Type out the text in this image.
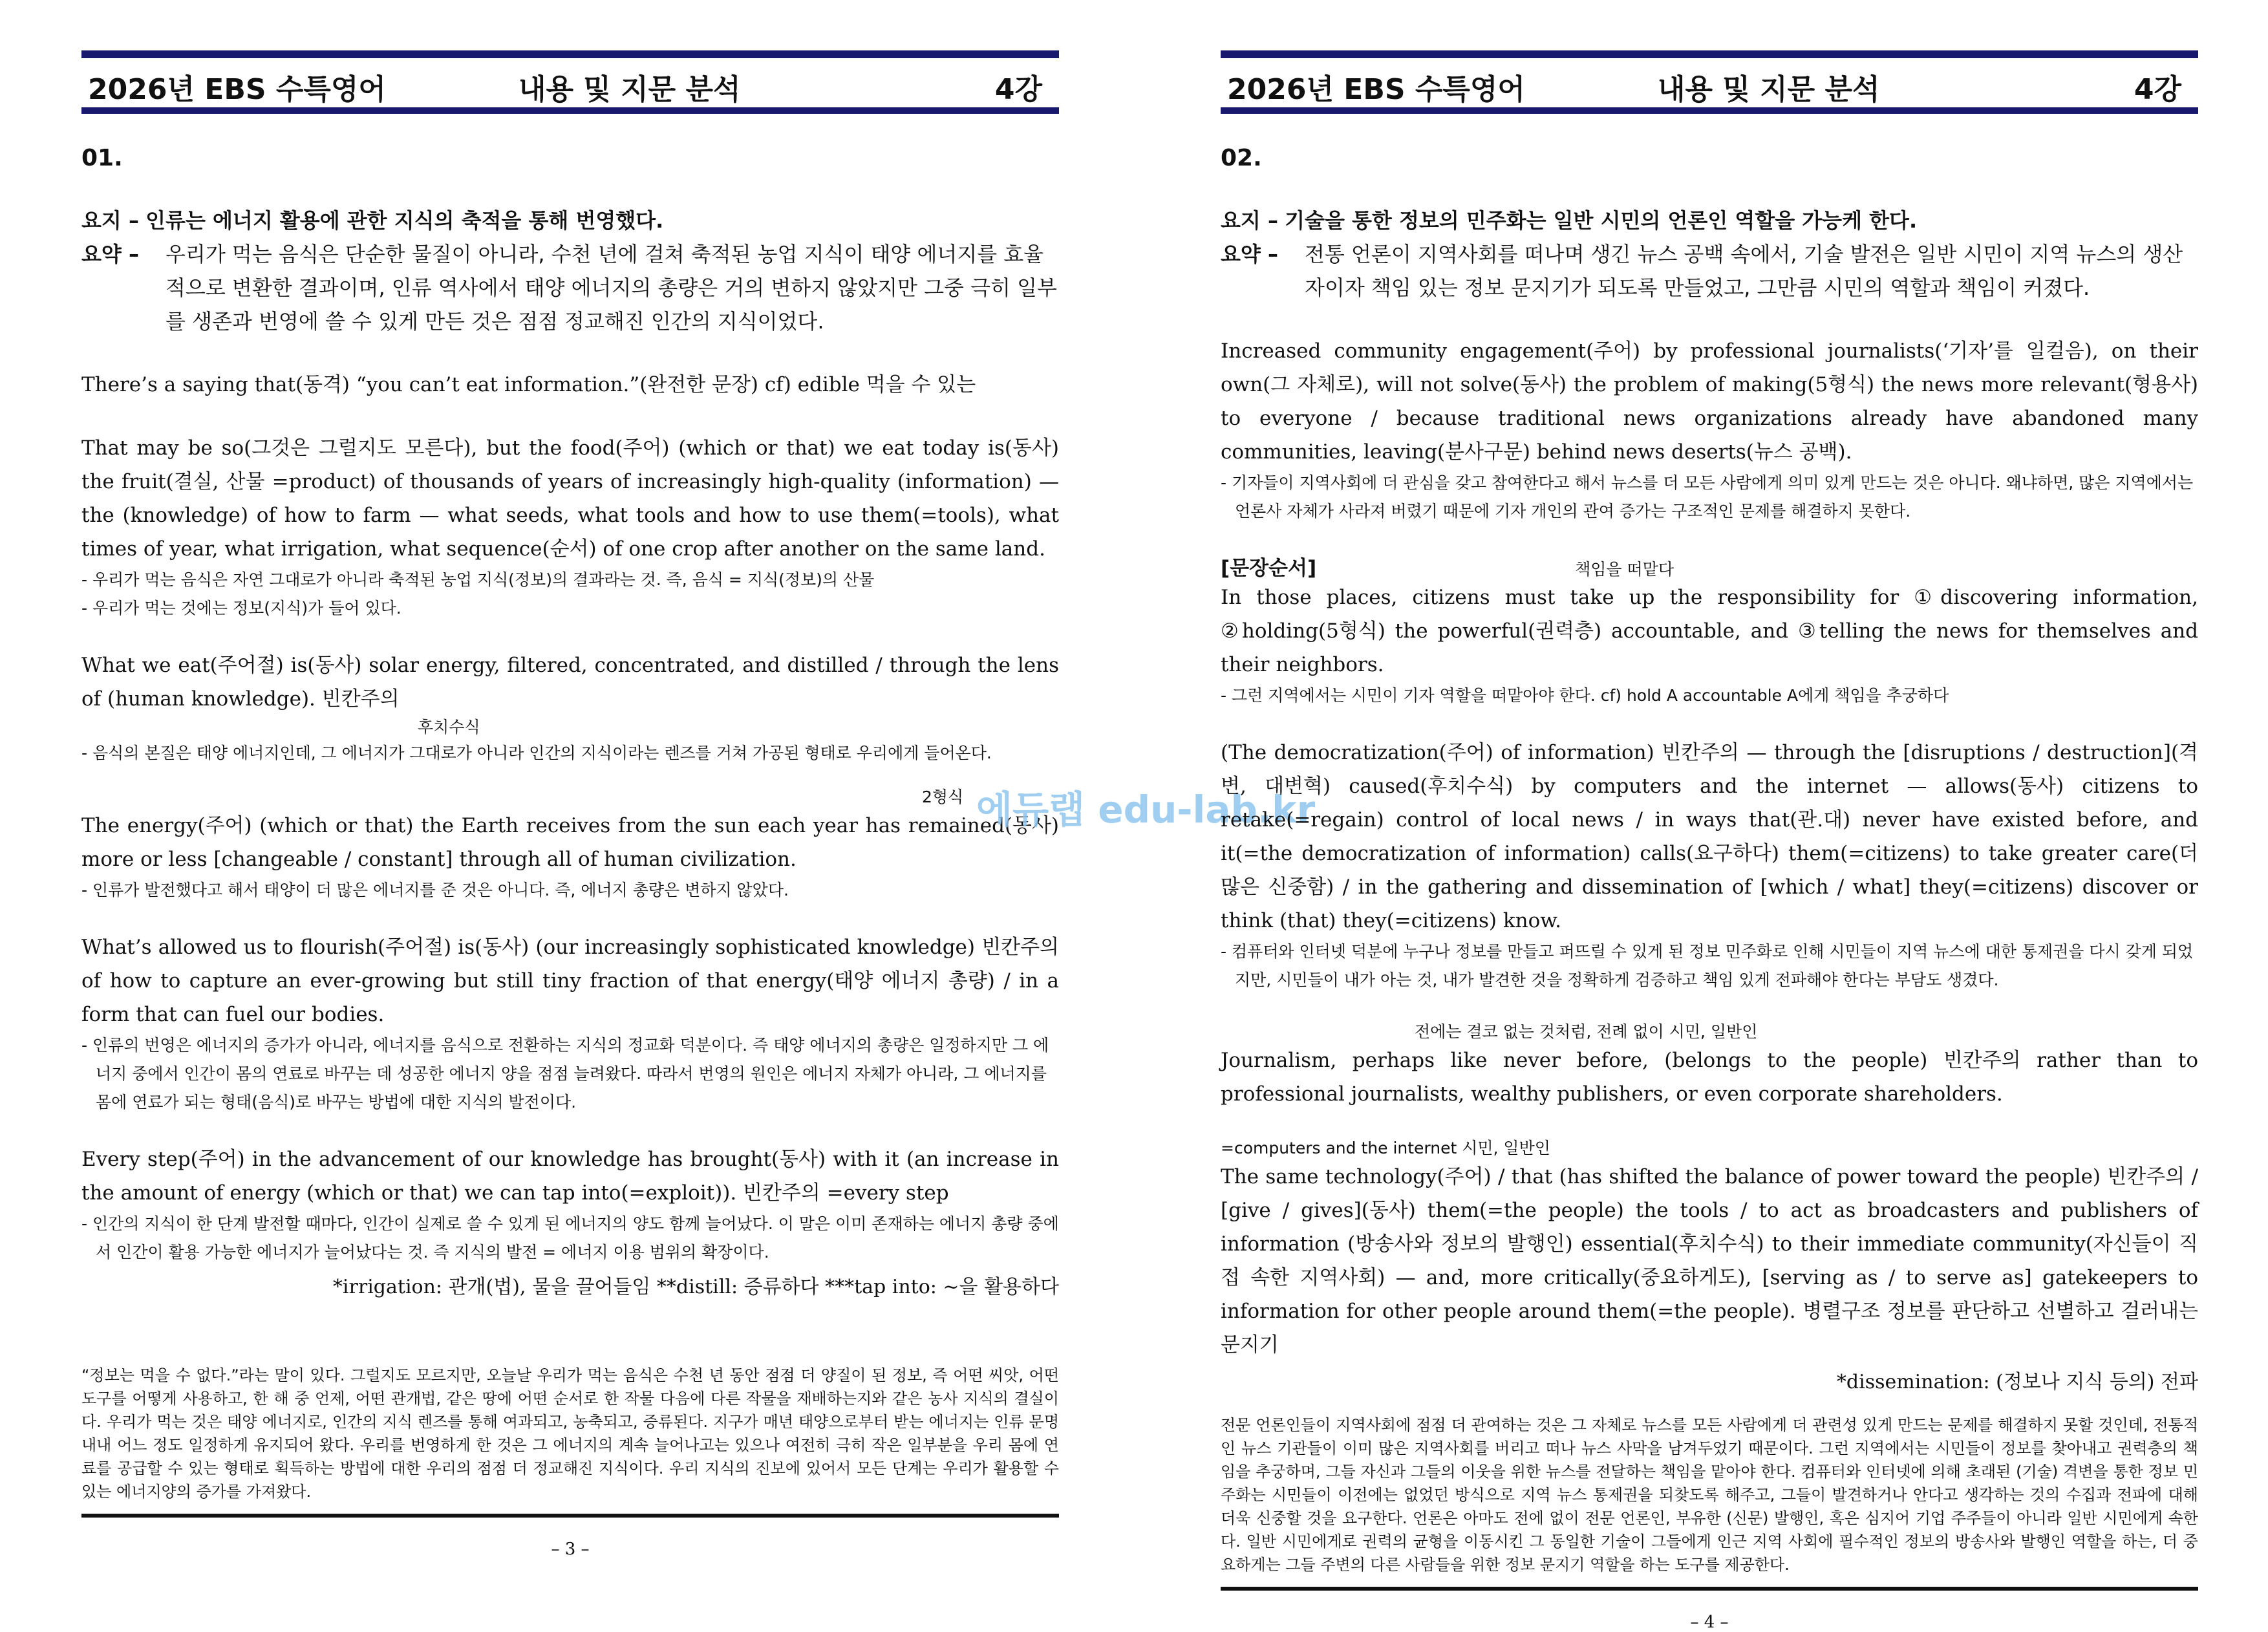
2026년 EBS 수특영어	내용 및 지문 분석	4강
01.
요지 – 인류는 에너지 활용에 관한 지식의 축적을 통해 번영했다.
요약 –	우리가 먹는 음식은 단순한 물질이 아니라, 수천 년에 걸쳐 축적된 농업 지식이 태양 에너지를 효율적으로 변환한 결과이며, 인류 역사에서 태양 에너지의 총량은 거의 변하지 않았지만 그중 극히 일부를 생존과 번영에 쓸 수 있게 만든 것은 점점 정교해진 인간의 지식이었다.

There’s a saying that(동격) “you can’t eat information.”(완전한 문장) cf) edible 먹을 수 있는

That may be so(그것은 그럴지도 모른다), but the food(주어) (which or that) we eat today is(동사) the fruit(결실, 산물 =product) of thousands of years of increasingly high-quality (information) — the (knowledge) of how to farm — what seeds, what tools and how to use them(=tools), what times of year, what irrigation, what sequence(순서) of one crop after another on the same land.

- 우리가 먹는 음식은 자연 그대로가 아니라 축적된 농업 지식(정보)의 결과라는 것. 즉, 음식 = 지식(정보)의 산물

- 우리가 먹는 것에는 정보(지식)가 들어 있다.

What we eat(주어절) is(동사) solar energy, filtered, concentrated, and distilled / through the lens of (human knowledge). 빈칸주의

후치수식

- 음식의 본질은 태양 에너지인데, 그 에너지가 그대로가 아니라 인간의 지식이라는 렌즈를 거쳐 가공된 형태로 우리에게 들어온다.

2형식

The energy(주어) (which or that) the Earth receives from the sun each year has remained(동사) more or less [changeable / constant] through all of human civilization.

- 인류가 발전했다고 해서 태양이 더 많은 에너지를 준 것은 아니다. 즉, 에너지 총량은 변하지 않았다.

What’s allowed us to flourish(주어절) is(동사) (our increasingly sophisticated knowledge) 빈칸주의 of how to capture an ever-growing but still tiny fraction of that energy(태양 에너지 총량) / in a form that can fuel our bodies.

- 인류의 번영은 에너지의 증가가 아니라, 에너지를 음식으로 전환하는 지식의 정교화 덕분이다. 즉 태양 에너지의 총량은 일정하지만 그 에너지 중에서 인간이 몸의 연료로 바꾸는 데 성공한 에너지 양을 점점 늘려왔다. 따라서 번영의 원인은 에너지 자체가 아니라, 그 에너지를 몸에 연료가 되는 형태(음식)로 바꾸는 방법에 대한 지식의 발전이다.

Every step(주어) in the advancement of our knowledge has brought(동사) with it (an increase in the amount of energy (which or that) we can tap into(=exploit)). 빈칸주의 =every step

- 인간의 지식이 한 단계 발전할 때마다, 인간이 실제로 쓸 수 있게 된 에너지의 양도 함께 늘어났다. 이 말은 이미 존재하는 에너지 총량 중에서 인간이 활용 가능한 에너지가 늘어났다는 것. 즉 지식의 발전 = 에너지 이용 범위의 확장이다.

*irrigation: 관개(법), 물을 끌어들임 **distill: 증류하다 ***tap into: ~을 활용하다

“정보는 먹을 수 없다.”라는 말이 있다. 그럴지도 모르지만, 오늘날 우리가 먹는 음식은 수천 년 동안 점점 더 양질이 된 정보, 즉 어떤 씨앗, 어떤 도구를 어떻게 사용하고, 한 해 중 언제, 어떤 관개법, 같은 땅에 어떤 순서로 한 작물 다음에 다른 작물을 재배하는지와 같은 농사 지식의 결실이다. 우리가 먹는 것은 태양 에너지로, 인간의 지식 렌즈를 통해 여과되고, 농축되고, 증류된다. 지구가 매년 태양으로부터 받는 에너지는 인류 문명 내내 어느 정도 일정하게 유지되어 왔다. 우리를 번영하게 한 것은 그 에너지의 계속 늘어나고는 있으나 여전히 극히 작은 일부분을 우리 몸에 연료를 공급할 수 있는 형태로 획득하는 방법에 대한 우리의 점점 더 정교해진 지식이다. 우리 지식의 진보에 있어서 모든 단계는 우리가 활용할 수 있는 에너지양의 증가를 가져왔다.

– 3 –
에듀랩 edu-lab.kr
2026년 EBS 수특영어	내용 및 지문 분석	4강
02.
요지 – 기술을 통한 정보의 민주화는 일반 시민의 언론인 역할을 가능케 한다.
요약 –	전통 언론이 지역사회를 떠나며 생긴 뉴스 공백 속에서, 기술 발전은 일반 시민이 지역 뉴스의 생산자이자 책임 있는 정보 문지기가 되도록 만들었고, 그만큼 시민의 역할과 책임이 커졌다.

Increased community engagement(주어) by professional journalists(‘기자’를 일컬음), on their own(그 자체로), will not solve(동사) the problem of making(5형식) the news more relevant(형용사) to everyone / because traditional news organizations already have abandoned many communities, leaving(분사구문) behind news deserts(뉴스 공백).

- 기자들이 지역사회에 더 관심을 갖고 참여한다고 해서 뉴스를 더 모든 사람에게 의미 있게 만드는 것은 아니다. 왜냐하면, 많은 지역에서는 언론사 자체가 사라져 버렸기 때문에 기자 개인의 관여 증가는 구조적인 문제를 해결하지 못한다.

[문장순서]	책임을 떠맡다

In those places, citizens must take up the responsibility for ①discovering information, ②holding(5형식) the powerful(권력층) accountable, and ③telling the news for themselves and their neighbors.

- 그런 지역에서는 시민이 기자 역할을 떠맡아야 한다. cf) hold A accountable A에게 책임을 추궁하다

(The democratization(주어) of information) 빈칸주의 — through the [disruptions / destruction](격변, 대변혁) caused(후치수식) by computers and the internet — allows(동사) citizens to retake(=regain) control of local news / in ways that(관.대) never have existed before, and it(=the democratization of information) calls(요구하다) them(=citizens) to take greater care(더 많은 신중함) / in the gathering and dissemination of [which / what] they(=citizens) discover or think (that) they(=citizens) know.

- 컴퓨터와 인터넷 덕분에 누구나 정보를 만들고 퍼뜨릴 수 있게 된 정보 민주화로 인해 시민들이 지역 뉴스에 대한 통제권을 다시 갖게 되었지만, 시민들이 내가 아는 것, 내가 발견한 것을 정확하게 검증하고 책임 있게 전파해야 한다는 부담도 생겼다.

전에는 결코 없는 것처럼, 전례 없이 시민, 일반인

Journalism, perhaps like never before, (belongs to the people) 빈칸주의 rather than to professional journalists, wealthy publishers, or even corporate shareholders.

=computers and the internet 시민, 일반인

The same technology(주어) / that (has shifted the balance of power toward the people) 빈칸주의 / [give / gives](동사) them(=the people) the tools / to act as broadcasters and publishers of information (방송사와 정보의 발행인) essential(후치수식) to their immediate community(자신들이 직접 속한 지역사회) — and, more critically(중요하게도), [serving as / to serve as] gatekeepers to information for other people around them(=the people). 병렬구조 정보를 판단하고 선별하고 걸러내는 문지기

*dissemination: (정보나 지식 등의) 전파

전문 언론인들이 지역사회에 점점 더 관여하는 것은 그 자체로 뉴스를 모든 사람에게 더 관련성 있게 만드는 문제를 해결하지 못할 것인데, 전통적인 뉴스 기관들이 이미 많은 지역사회를 버리고 떠나 뉴스 사막을 남겨두었기 때문이다. 그런 지역에서는 시민들이 정보를 찾아내고 권력층의 책임을 추궁하며, 그들 자신과 그들의 이웃을 위한 뉴스를 전달하는 책임을 맡아야 한다. 컴퓨터와 인터넷에 의해 초래된 (기술) 격변을 통한 정보 민주화는 시민들이 이전에는 없었던 방식으로 지역 뉴스 통제권을 되찾도록 해주고, 그들이 발견하거나 안다고 생각하는 것의 수집과 전파에 대해 더욱 신중할 것을 요구한다. 언론은 아마도 전에 없이 전문 언론인, 부유한 (신문) 발행인, 혹은 심지어 기업 주주들이 아니라 일반 시민에게 속한다. 일반 시민에게로 권력의 균형을 이동시킨 그 동일한 기술이 그들에게 인근 지역 사회에 필수적인 정보의 방송사와 발행인 역할을 하는, 더 중요하게는 그들 주변의 다른 사람들을 위한 정보 문지기 역할을 하는 도구를 제공한다.

– 4 –
